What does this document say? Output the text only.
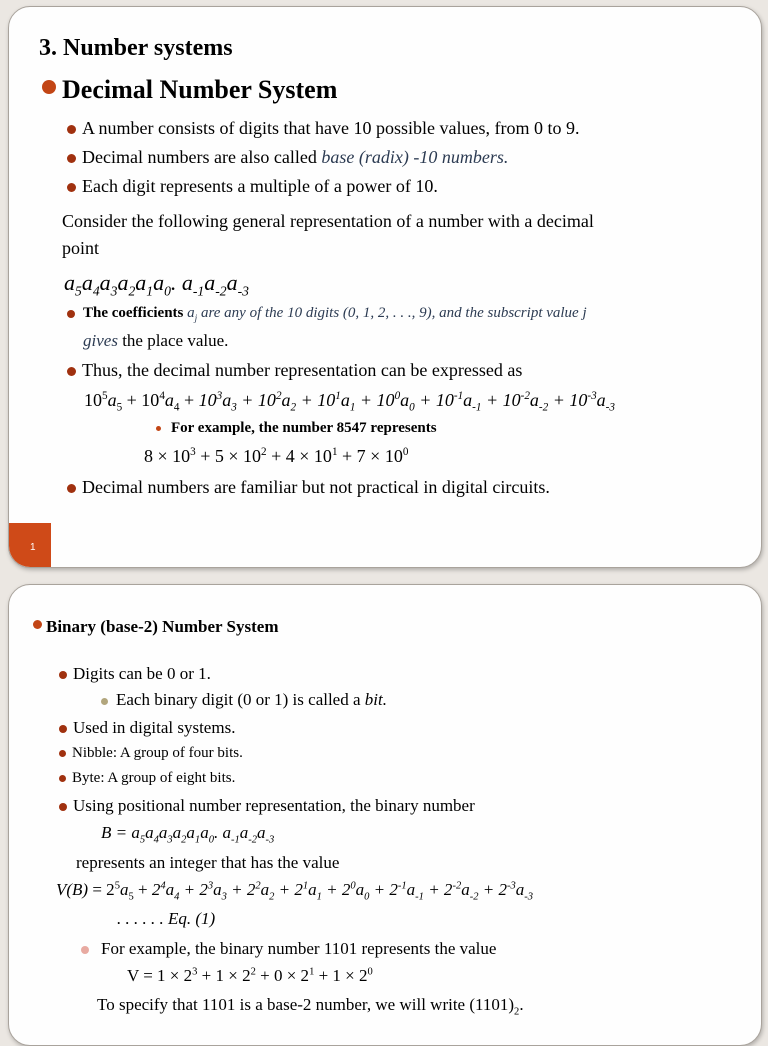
3. Number systems
Decimal Number System
A number consists of digits that have 10 possible values, from 0 to 9.
Decimal numbers are also called base (radix) -10 numbers.
Each digit represents a multiple of a power of 10.
Consider the following general representation of a number with a decimal
point
$a_5a_4a_3a_2a_1a_0$. $a_{-1}a_{-2}a_{-3}$
The coefficients $a_j$ are any of the 10 digits (0, 1, 2, . . ., 9), and the subscript value j
gives the place value.
Thus, the decimal number representation can be expressed as
$10^5a_5 + 10^4a_4 + 10^3a_3 + 10^2a_2 + 10^1a_1 + 10^0a_0 + 10^{-1}a_{-1} + 10^{-2}a_{-2} + 10^{-3}a_{-3}$
For example, the number 8547 represents
$8 \times 10^3 + 5 \times 10^2 + 4 \times 10^1 + 7 \times 10^0$
Decimal numbers are familiar but not practical in digital circuits.
1
Binary (base-2) Number System
Digits can be 0 or 1.
Each binary digit (0 or 1) is called a bit.
Used in digital systems.
Nibble: A group of four bits.
Byte: A group of eight bits.
Using positional number representation, the binary number
$B = a_5a_4a_3a_2a_1a_0$. $a_{-1}a_{-2}a_{-3}$
represents an integer that has the value
$V(B) = 2^5a_5 + 2^4a_4 + 2^3a_3 + 2^2a_2 + 2^1a_1 + 2^0a_0 + 2^{-1}a_{-1} + 2^{-2}a_{-2} + 2^{-3}a_{-3}$
. . . . . . Eq. (1)
For example, the binary number 1101 represents the value
$V = 1 \times 2^3 + 1 \times 2^2 + 0 \times 2^1 + 1 \times 2^0$
To specify that 1101 is a base-2 number, we will write $(1101)_2$.
